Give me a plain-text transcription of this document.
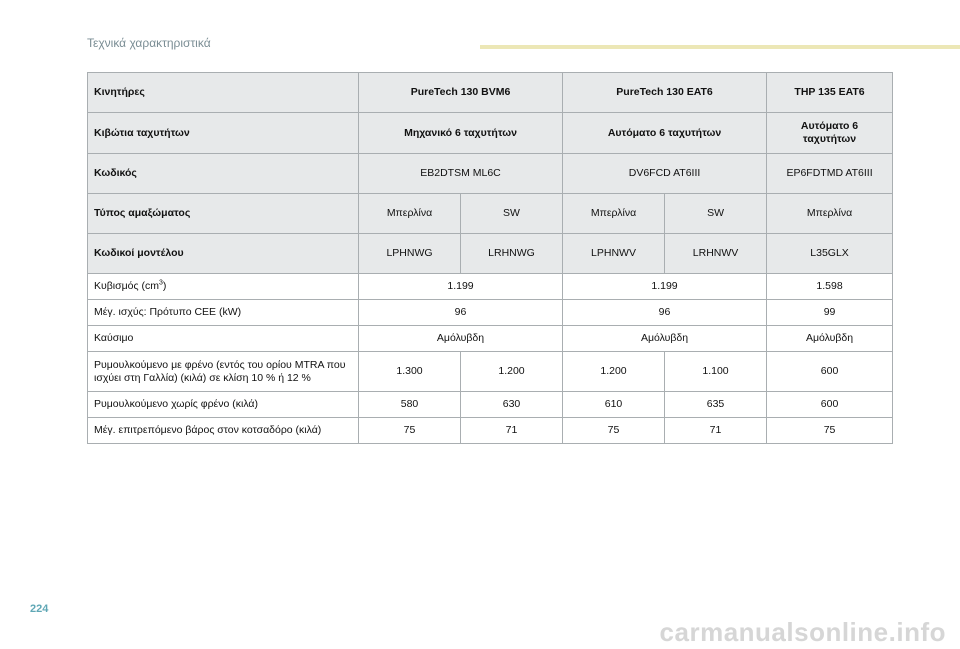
Τεχνικά χαρακτηριστικά
Κινητήρες	PureTech 130 BVM6		PureTech 130 EAT6		THP 135 EAT6
Κιβώτια ταχυτήτων	Μηχανικό 6 ταχυτήτων		Αυτόματο 6 ταχυτήτων		Αυτόματο 6 ταχυτήτων
Κωδικός	EB2DTSM ML6C		DV6FCD AT6III		EP6FDTMD AT6III
Τύπος αμαξώματος	Μπερλίνα	SW	Μπερλίνα	SW	Μπερλίνα
Κωδικοί μοντέλου	LPHNWG	LRHNWG	LPHNWV	LRHNWV	L35GLX
Κυβισμός $(cm^3)$	1.199		1.199		1.598
Μέγ. ισχύς: Πρότυπο CEE (kW)	96		96		99
Καύσιμο	Αμόλυβδη		Αμόλυβδη		Αμόλυβδη
Ρυμουλκούμενο με φρένο (εντός του ορίου MTRA που ισχύει στη Γαλλία) (κιλά) σε κλίση 10 % ή 12 %	1.300	1.200	1.200	1.100	600
Ρυμουλκούμενο χωρίς φρένο (κιλά)	580	630	610	635	600
Μέγ. επιτρεπόμενο βάρος στον κοτσαδόρο (κιλά)	75	71	75	71	75
224
carmanualsonline.info
